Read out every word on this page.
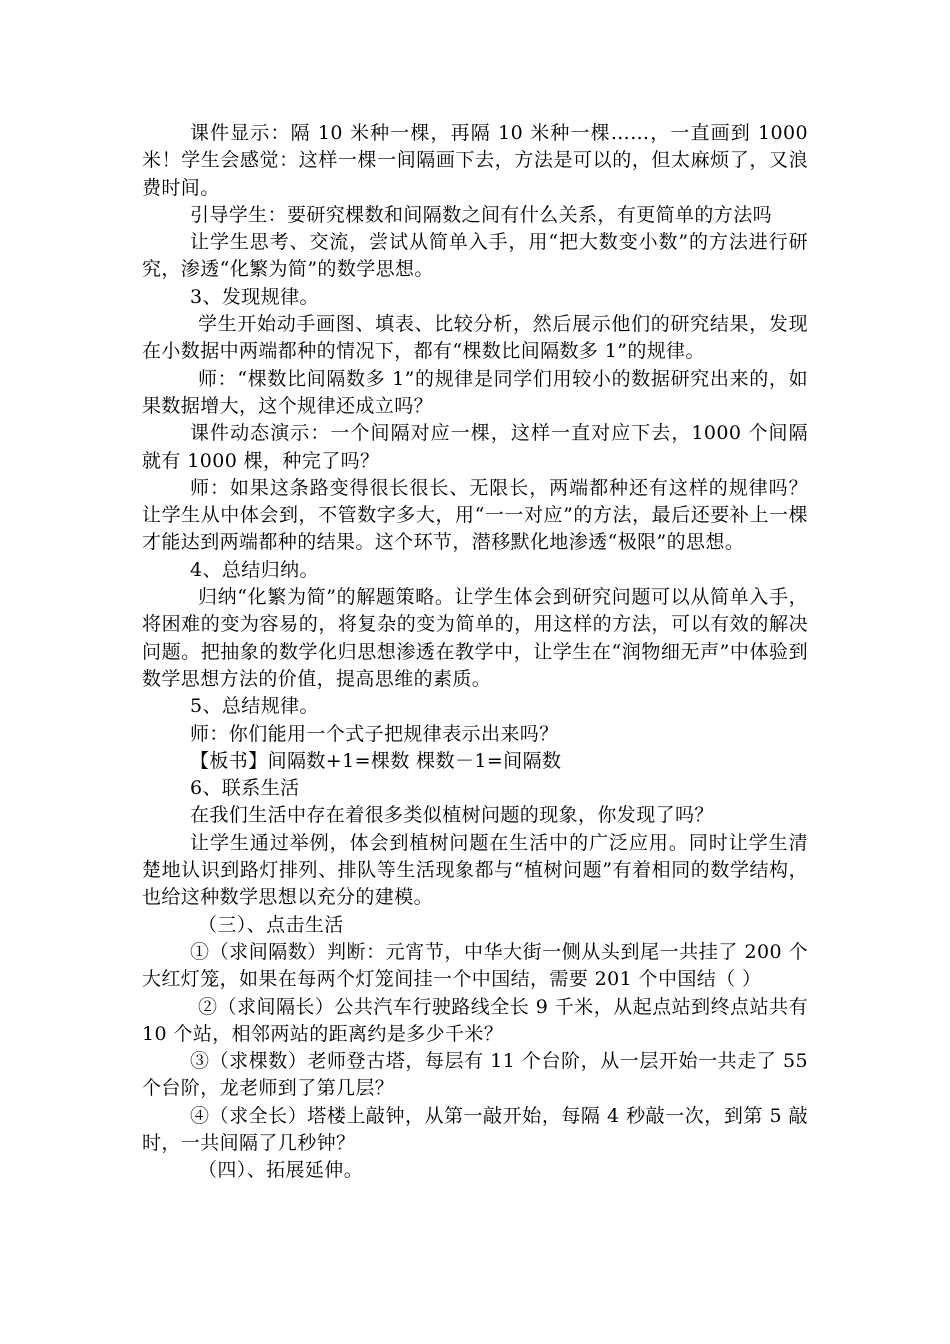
课件显示：隔 10 米种一棵，再隔 10 米种一棵……，一直画到 1000 米！学生会感觉：这样一棵一间隔画下去，方法是可以的，但太麻烦了，又浪费时间。

引导学生：要研究棵数和间隔数之间有什么关系，有更简单的方法吗

让学生思考、交流，尝试从简单入手，用“把大数变小数”的方法进行研究，渗透“化繁为简”的数学思想。

3、发现规律。

学生开始动手画图、填表、比较分析，然后展示他们的研究结果，发现在小数据中两端都种的情况下，都有“棵数比间隔数多 1”的规律。

师：“棵数比间隔数多 1”的规律是同学们用较小的数据研究出来的，如果数据增大，这个规律还成立吗？

课件动态演示：一个间隔对应一棵，这样一直对应下去，1000 个间隔就有 1000 棵，种完了吗？

师：如果这条路变得很长很长、无限长，两端都种还有这样的规律吗？让学生从中体会到，不管数字多大，用“一一对应”的方法，最后还要补上一棵才能达到两端都种的结果。这个环节，潜移默化地渗透“极限”的思想。

4、总结归纳。

归纳“化繁为简”的解题策略。让学生体会到研究问题可以从简单入手，将困难的变为容易的，将复杂的变为简单的，用这样的方法，可以有效的解决问题。把抽象的数学化归思想渗透在教学中，让学生在“润物细无声”中体验到数学思想方法的价值，提高思维的素质。

5、总结规律。

师：你们能用一个式子把规律表示出来吗？

【板书】间隔数+1=棵数 棵数－1=间隔数

6、联系生活

在我们生活中存在着很多类似植树问题的现象，你发现了吗？

让学生通过举例，体会到植树问题在生活中的广泛应用。同时让学生清楚地认识到路灯排列、排队等生活现象都与“植树问题”有着相同的数学结构，也给这种数学思想以充分的建模。

（三）、点击生活

①（求间隔数）判断：元宵节，中华大街一侧从头到尾一共挂了 200 个大红灯笼，如果在每两个灯笼间挂一个中国结，需要 201 个中国结（ ）

②（求间隔长）公共汽车行驶路线全长 9 千米，从起点站到终点站共有 10 个站，相邻两站的距离约是多少千米？

③（求棵数）老师登古塔，每层有 11 个台阶，从一层开始一共走了 55 个台阶，龙老师到了第几层？

④（求全长）塔楼上敲钟，从第一敲开始，每隔 4 秒敲一次，到第 5 敲时，一共间隔了几秒钟？

（四）、拓展延伸。
